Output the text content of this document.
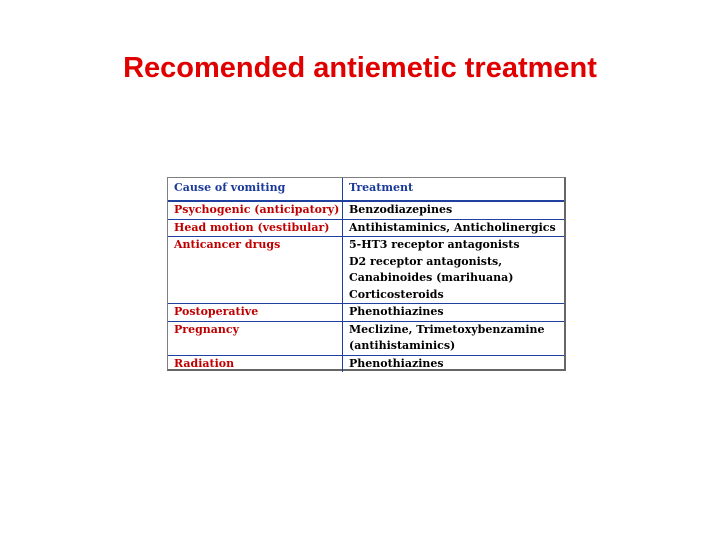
Recomended antiemetic treatment
Cause of vomiting	Treatment
Psychogenic (anticipatory)	Benzodiazepines

Head motion (vestibular)	Antihistaminics, Anticholinergics

Anticancer drugs	5-HT3 receptor antagonists
D2 receptor antagonists,
Canabinoides (marihuana)
Corticosteroids

Postoperative	Phenothiazines

Pregnancy	Meclizine, Trimetoxybenzamine
(antihistaminics)

Radiation	Phenothiazines
